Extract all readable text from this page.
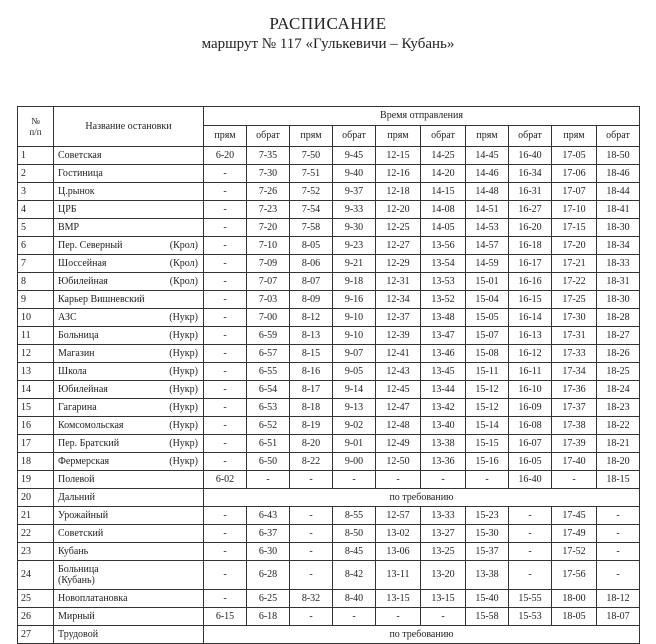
РАСПИСАНИЕ
маршрут № 117 «Гулькевичи – Кубань»
№
п/п	Название остановки	Время отправления									
		прям	обрат	прям	обрат	прям	обрат	прям	обрат	прям	обрат
1	Советская	6-20	7-35	7-50	9-45	12-15	14-25	14-45	16-40	17-05	18-50
2	Гостиница	-	7-30	7-51	9-40	12-16	14-20	14-46	16-34	17-06	18-46
3	Ц.рынок	-	7-26	7-52	9-37	12-18	14-15	14-48	16-31	17-07	18-44
4	ЦРБ	-	7-23	7-54	9-33	12-20	14-08	14-51	16-27	17-10	18-41
5	ВМР	-	7-20	7-58	9-30	12-25	14-05	14-53	16-20	17-15	18-30
6	Пер. Северный (Крол)	-	7-10	8-05	9-23	12-27	13-56	14-57	16-18	17-20	18-34
7	Шоссейная (Крол)	-	7-09	8-06	9-21	12-29	13-54	14-59	16-17	17-21	18-33
8	Юбилейная (Крол)	-	7-07	8-07	9-18	12-31	13-53	15-01	16-16	17-22	18-31
9	Карьер Вишневский	-	7-03	8-09	9-16	12-34	13-52	15-04	16-15	17-25	18-30
10	АЗС (Нукр)	-	7-00	8-12	9-10	12-37	13-48	15-05	16-14	17-30	18-28
11	Больница (Нукр)	-	6-59	8-13	9-10	12-39	13-47	15-07	16-13	17-31	18-27
12	Магазин (Нукр)	-	6-57	8-15	9-07	12-41	13-46	15-08	16-12	17-33	18-26
13	Школа (Нукр)	-	6-55	8-16	9-05	12-43	13-45	15-11	16-11	17-34	18-25
14	Юбилейная (Нукр)	-	6-54	8-17	9-14	12-45	13-44	15-12	16-10	17-36	18-24
15	Гагарина (Нукр)	-	6-53	8-18	9-13	12-47	13-42	15-12	16-09	17-37	18-23
16	Комсомольская (Нукр)	-	6-52	8-19	9-02	12-48	13-40	15-14	16-08	17-38	18-22
17	Пер. Братский (Нукр)	-	6-51	8-20	9-01	12-49	13-38	15-15	16-07	17-39	18-21
18	Фермерская (Нукр)	-	6-50	8-22	9-00	12-50	13-36	15-16	16-05	17-40	18-20
19	Полевой	6-02	-	-	-	-	-	-	16-40	-	18-15
20	Дальний	по требованию									
21	Урожайный	-	6-43	-	8-55	12-57	13-33	15-23	-	17-45	-
22	Советский	-	6-37	-	8-50	13-02	13-27	15-30	-	17-49	-
23	Кубань	-	6-30	-	8-45	13-06	13-25	15-37	-	17-52	-
24	Больница
(Кубань)	-	6-28	-	8-42	13-11	13-20	13-38	-	17-56	-
25	Новоплатановка	-	6-25	8-32	8-40	13-15	13-15	15-40	15-55	18-00	18-12
26	Мирный	6-15	6-18	-	-	-	-	15-58	15-53	18-05	18-07
27	Трудовой	по требованию									
